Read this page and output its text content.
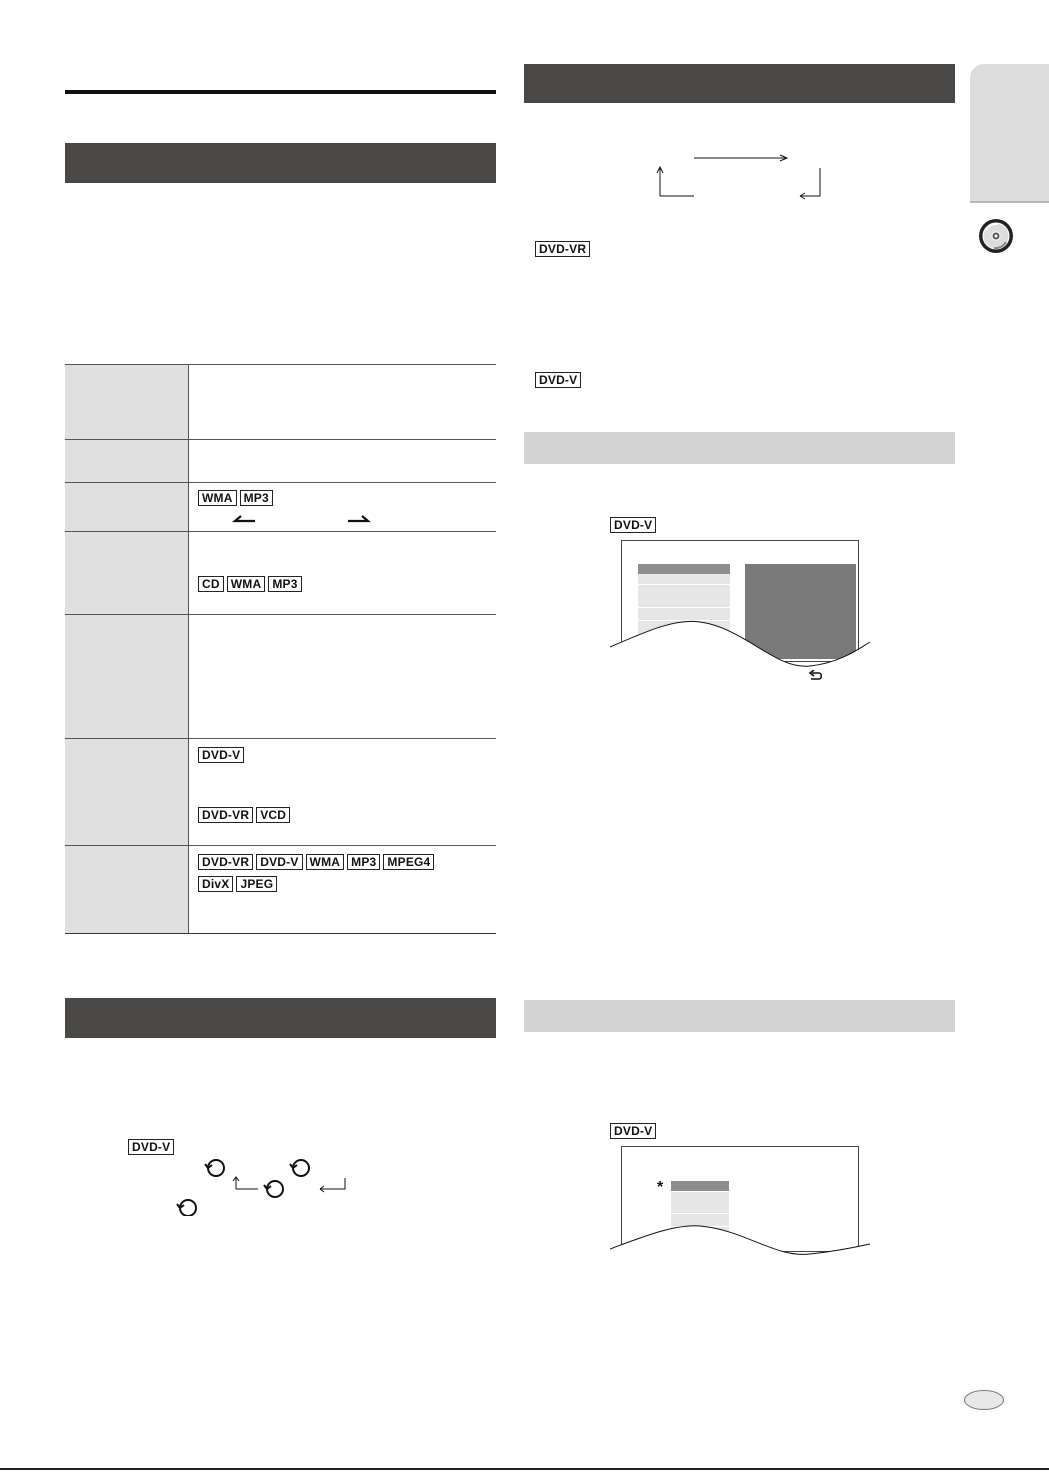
	WMA MP3

	CD WMA MP3

	DVD-V
DVD-VR VCD

	DVD-VR DVD-V WMA MP3 MPEG4
DivX JPEG
DVD-V
DVD-VR
DVD-V
DVD-V
DVD-V
*
